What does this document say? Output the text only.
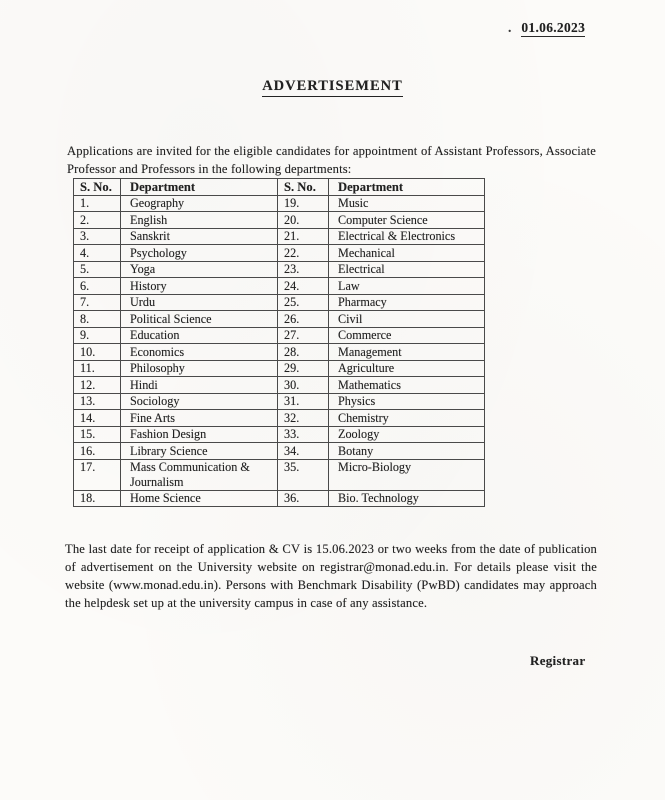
. 01.06.2023
ADVERTISEMENT

Applications are invited for the eligible candidates for appointment of Assistant Professors, Associate Professor and Professors in the following departments:

S. No.	Department	S. No.	Department
1.	Geography	19.	Music
2.	English	20.	Computer Science
3.	Sanskrit	21.	Electrical & Electronics
4.	Psychology	22.	Mechanical
5.	Yoga	23.	Electrical
6.	History	24.	Law
7.	Urdu	25.	Pharmacy
8.	Political Science	26.	Civil
9.	Education	27.	Commerce
10.	Economics	28.	Management
11.	Philosophy	29.	Agriculture
12.	Hindi	30.	Mathematics
13.	Sociology	31.	Physics
14.	Fine Arts	32.	Chemistry
15.	Fashion Design	33.	Zoology
16.	Library Science	34.	Botany
17.	Mass Communication & Journalism	35.	Micro-Biology
18.	Home Science	36.	Bio. Technology

The last date for receipt of application & CV is 15.06.2023 or two weeks from the date of publication of advertisement on the University website on registrar@monad.edu.in. For details please visit the website (www.monad.edu.in). Persons with Benchmark Disability (PwBD) candidates may approach the helpdesk set up at the university campus in case of any assistance.

Registrar
